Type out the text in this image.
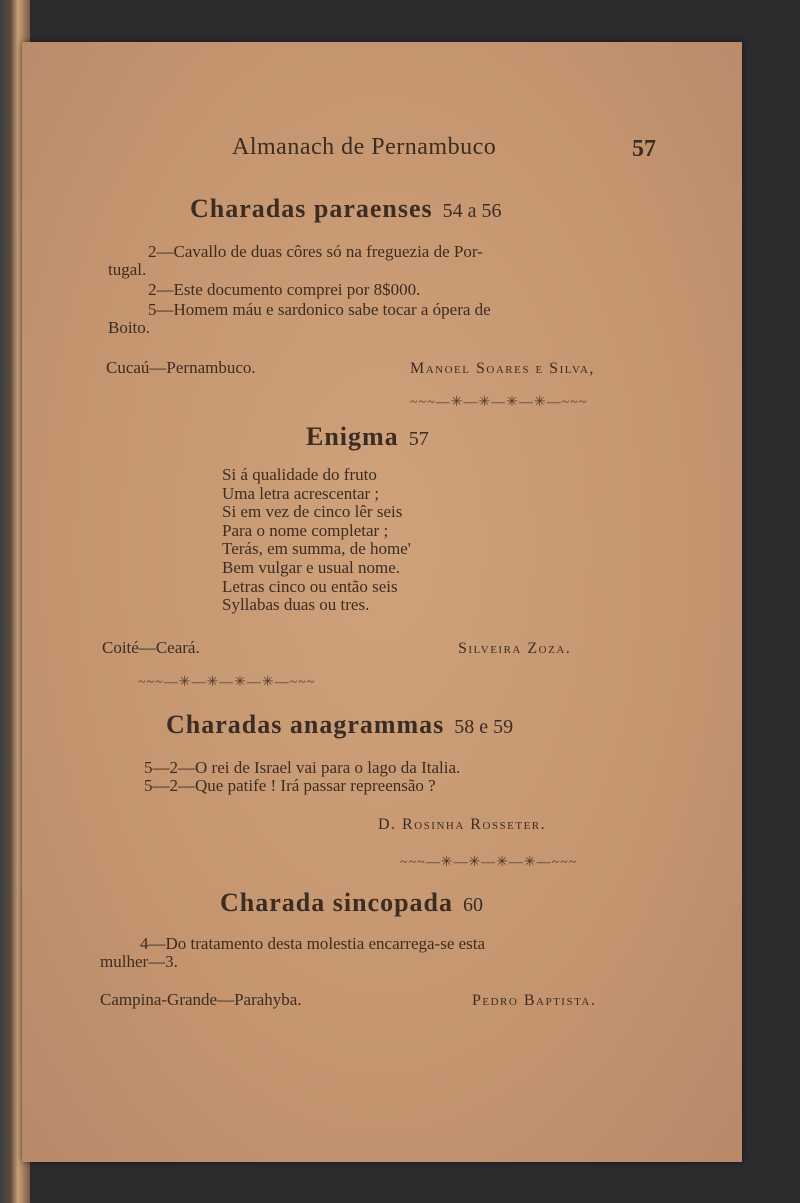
Almanach de Pernambuco	57
Charadas paraenses 54 a 56
2—Cavallo de duas côres só na freguezia de Por-
tugal.
2—Este documento comprei por 8$000.
5—Homem máu e sardonico sabe tocar a ópera de
Boito.
Cucaú—Pernambuco.	Manoel Soares e Silva,
~~~—✳—✳—✳—✳—~~~
Enigma 57
Si á qualidade do fruto
Uma letra acrescentar ;
Si em vez de cinco lêr seis
Para o nome completar ;
Terás, em summa, de home'
Bem vulgar e usual nome.
Letras cinco ou então seis
Syllabas duas ou tres.
Coité—Ceará.	Silveira Zoza.
~~~—✳—✳—✳—✳—~~~
Charadas anagrammas 58 e 59
5—2—O rei de Israel vai para o lago da Italia.
5—2—Que patife ! Irá passar repreensão ?
D. Rosinha Rosseter.
~~~—✳—✳—✳—✳—~~~
Charada sincopada 60
4—Do tratamento desta molestia encarrega-se esta
mulher—3.
Campina-Grande—Parahyba.	Pedro Baptista.
